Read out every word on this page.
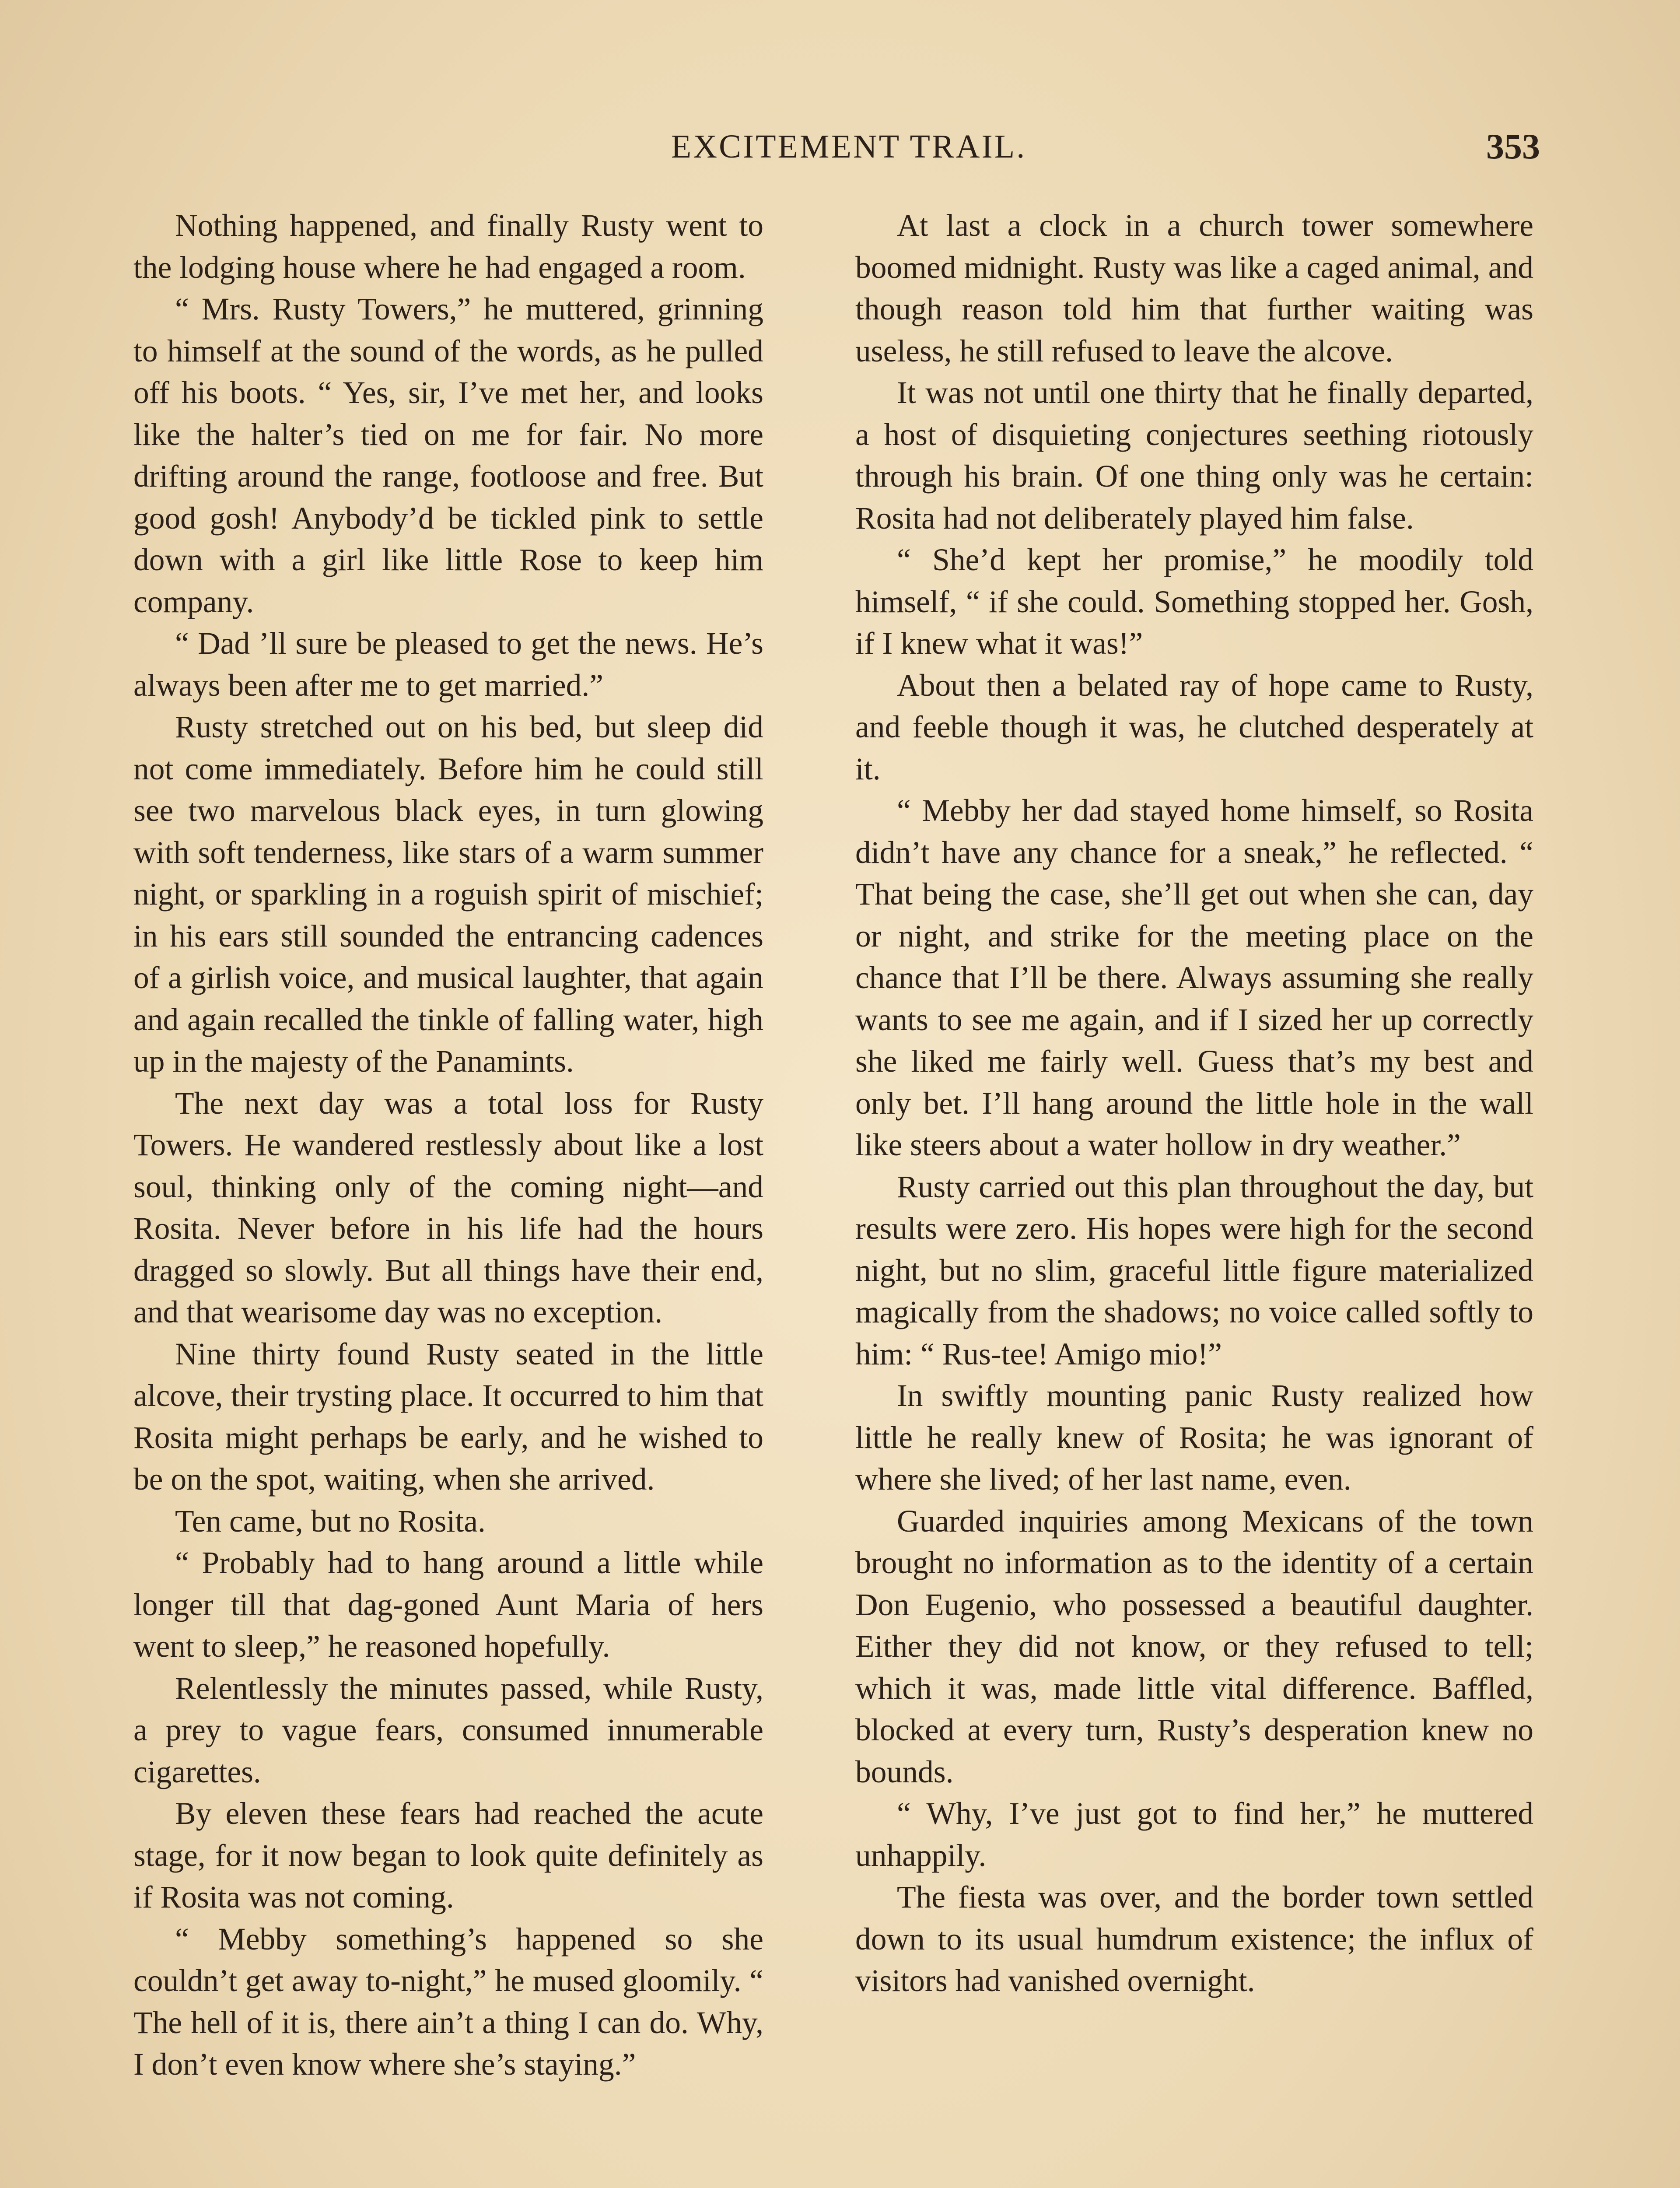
EXCITEMENT TRAIL.	353

Nothing happened, and finally Rusty went to the lodging house where he had engaged a room.

“ Mrs. Rusty Towers,” he muttered, grinning to himself at the sound of the words, as he pulled off his boots. “ Yes, sir, I’ve met her, and looks like the halter’s tied on me for fair. No more drifting around the range, footloose and free. But good gosh! Anybody’d be tickled pink to settle down with a girl like little Rose to keep him company.

“ Dad ’ll sure be pleased to get the news. He’s always been after me to get married.”

Rusty stretched out on his bed, but sleep did not come immediately. Before him he could still see two marvelous black eyes, in turn glowing with soft tenderness, like stars of a warm summer night, or sparkling in a roguish spirit of mischief; in his ears still sounded the entrancing cadences of a girlish voice, and musical laughter, that again and again recalled the tinkle of falling water, high up in the majesty of the Panamints.

The next day was a total loss for Rusty Towers. He wandered restlessly about like a lost soul, thinking only of the coming night—and Rosita. Never before in his life had the hours dragged so slowly. But all things have their end, and that wearisome day was no exception.

Nine thirty found Rusty seated in the little alcove, their trysting place. It occurred to him that Rosita might perhaps be early, and he wished to be on the spot, waiting, when she arrived.

Ten came, but no Rosita.

“ Probably had to hang around a little while longer till that dag-goned Aunt Maria of hers went to sleep,” he reasoned hopefully.

Relentlessly the minutes passed, while Rusty, a prey to vague fears, consumed innumerable cigarettes.

By eleven these fears had reached the acute stage, for it now began to look quite definitely as if Rosita was not coming.

“ Mebby something’s happened so she couldn’t get away to-night,” he mused gloomily. “ The hell of it is, there ain’t a thing I can do. Why, I don’t even know where she’s staying.”

At last a clock in a church tower somewhere boomed midnight. Rusty was like a caged animal, and though reason told him that further waiting was useless, he still refused to leave the alcove.

It was not until one thirty that he finally departed, a host of disquieting conjectures seething riotously through his brain. Of one thing only was he certain: Rosita had not deliberately played him false.

“ She’d kept her promise,” he moodily told himself, “ if she could. Something stopped her. Gosh, if I knew what it was!”

About then a belated ray of hope came to Rusty, and feeble though it was, he clutched desperately at it.

“ Mebby her dad stayed home himself, so Rosita didn’t have any chance for a sneak,” he reflected. “ That being the case, she’ll get out when she can, day or night, and strike for the meeting place on the chance that I’ll be there. Always assuming she really wants to see me again, and if I sized her up correctly she liked me fairly well. Guess that’s my best and only bet. I’ll hang around the little hole in the wall like steers about a water hollow in dry weather.”

Rusty carried out this plan throughout the day, but results were zero. His hopes were high for the second night, but no slim, graceful little figure materialized magically from the shadows; no voice called softly to him: “ Rus-tee! Amigo mio!”

In swiftly mounting panic Rusty realized how little he really knew of Rosita; he was ignorant of where she lived; of her last name, even.

Guarded inquiries among Mexicans of the town brought no information as to the identity of a certain Don Eugenio, who possessed a beautiful daughter. Either they did not know, or they refused to tell; which it was, made little vital difference. Baffled, blocked at every turn, Rusty’s desperation knew no bounds.

“ Why, I’ve just got to find her,” he muttered unhappily.

The fiesta was over, and the border town settled down to its usual humdrum existence; the influx of visitors had vanished overnight.
